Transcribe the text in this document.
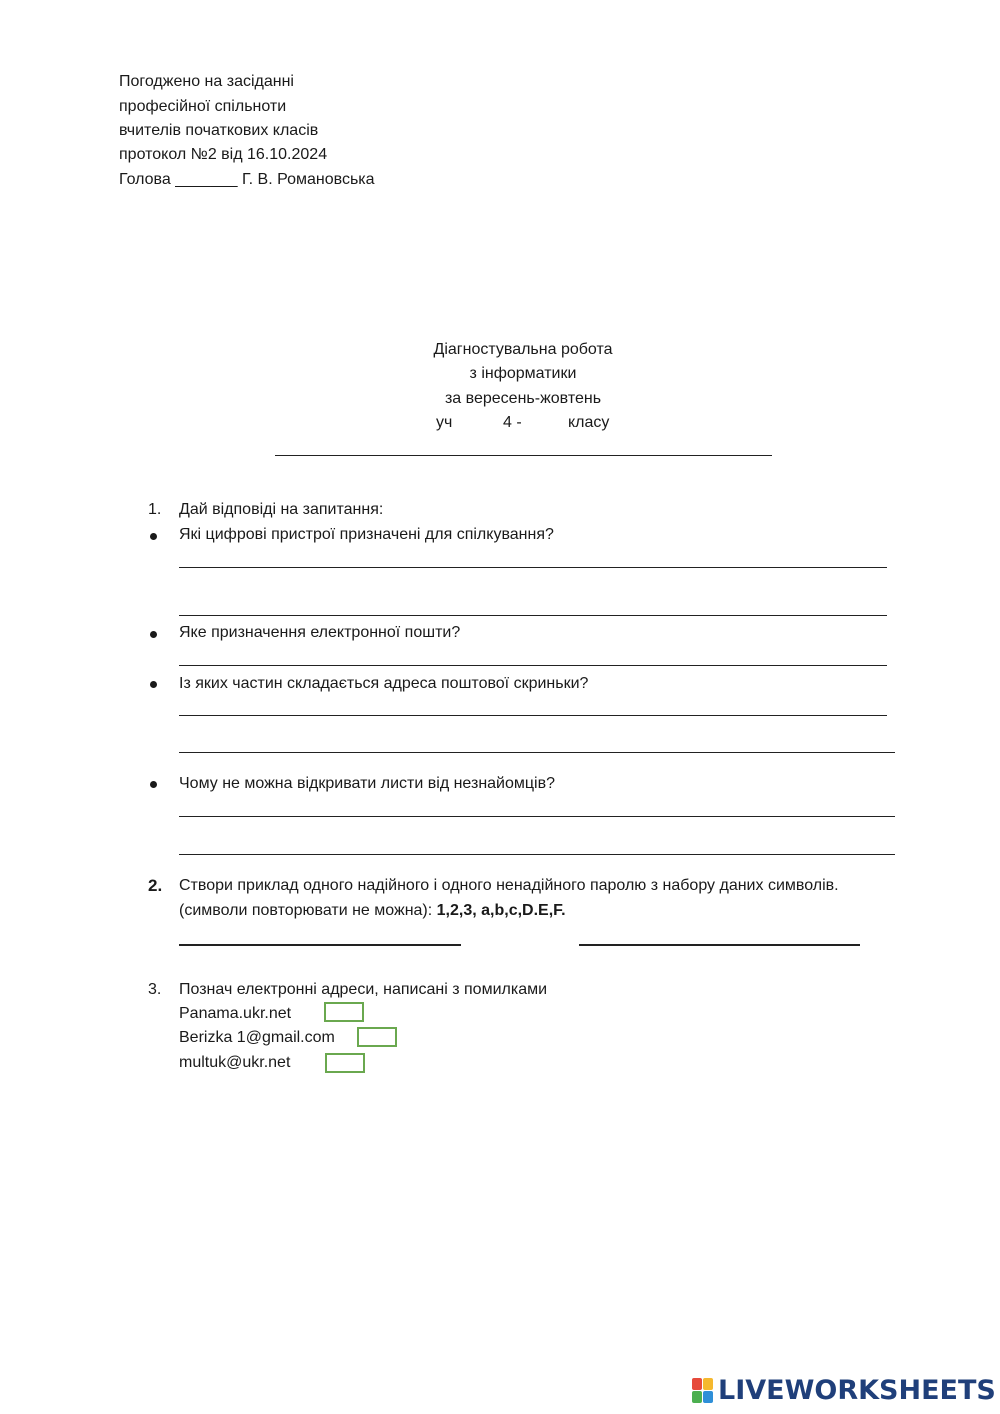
Погоджено на засіданні
професійної спільноти
вчителів початкових класів
протокол №2 від 16.10.2024
Голова _______ Г. В. Романовська
Діагностувальна робота
з інформатики
за вересень-жовтень
уч	4 -	класу
1. Дай відповіді на запитання:
Які цифрові пристрої призначені для спілкування?
Яке призначення електронної пошти?
Із яких частин складається адреса поштової скриньки?
Чому не можна відкривати листи від незнайомців?
2. Створи приклад одного надійного і одного ненадійного паролю з набору даних символів.
(символи повторювати не можна): 1,2,3, a,b,c,D.E,F.
3. Познач електронні адреси, написані з помилками
Panama.ukr.net
Berizka 1@gmail.com
multuk@ukr.net
LIVEWORKSHEETS
